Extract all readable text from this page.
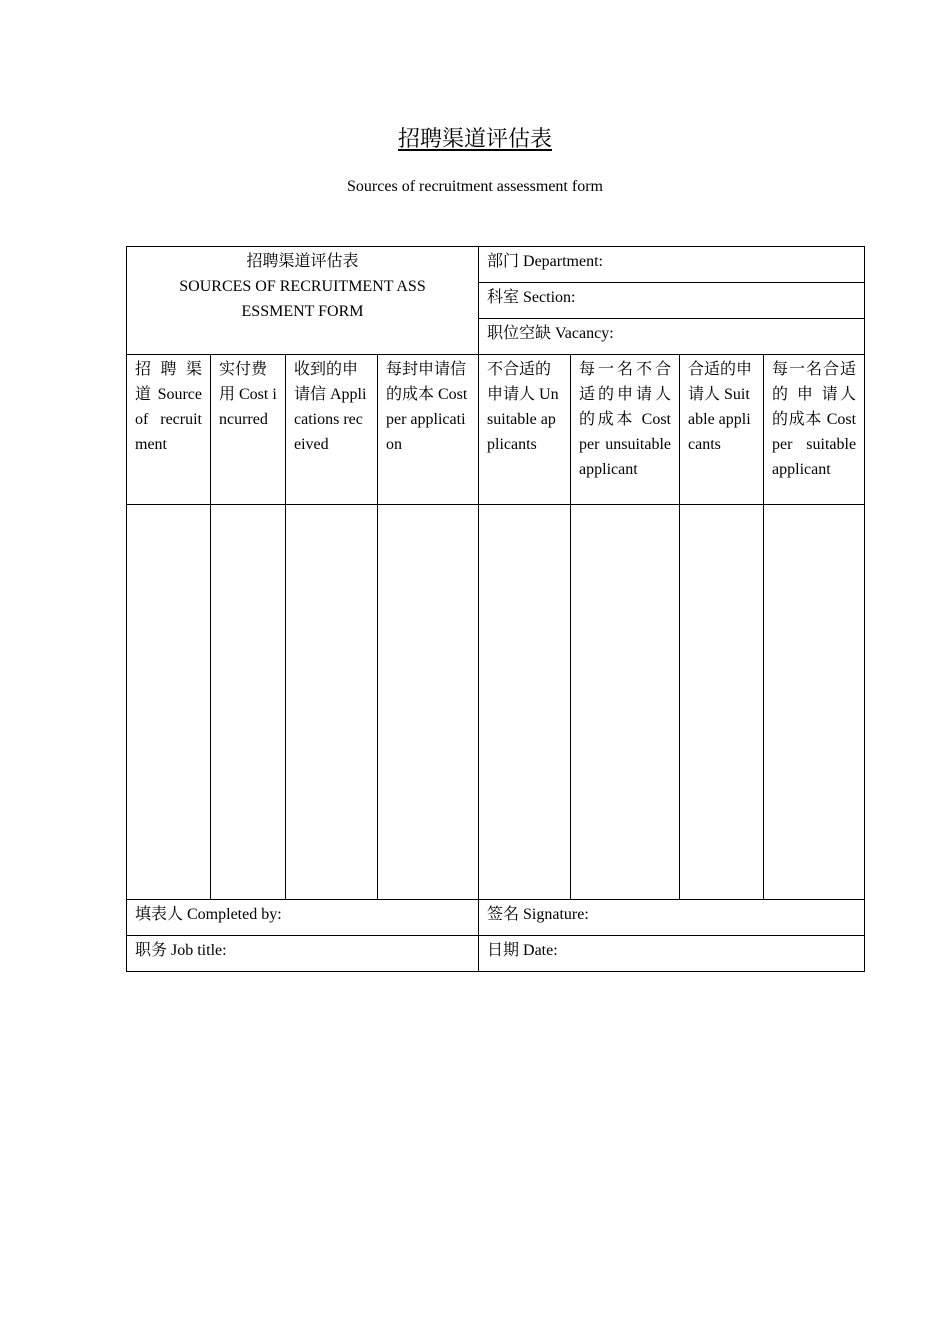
招聘渠道评估表
Sources of recruitment assessment form
招聘渠道评估表
SOURCES OF RECRUITMENT ASSESSMENT FORM				部门 Department:			
				科室 Section:			
				职位空缺 Vacancy:			
招 聘 渠 道 Source of recruitment	实付费用 Cost incurred	收到的申请信 Applications received	每封申请信的成本 Cost per application	不合适的申请人 Unsuitable applicants	每一名不合适的申请人的成本 Cost per unsuitable applicant	合适的申请人 Suitable applicants	每一名合适 的 申 请人的成本 Cost per suitable applicant

填表人 Completed by:				签名 Signature:			
职务 Job title:				日期 Date:			
